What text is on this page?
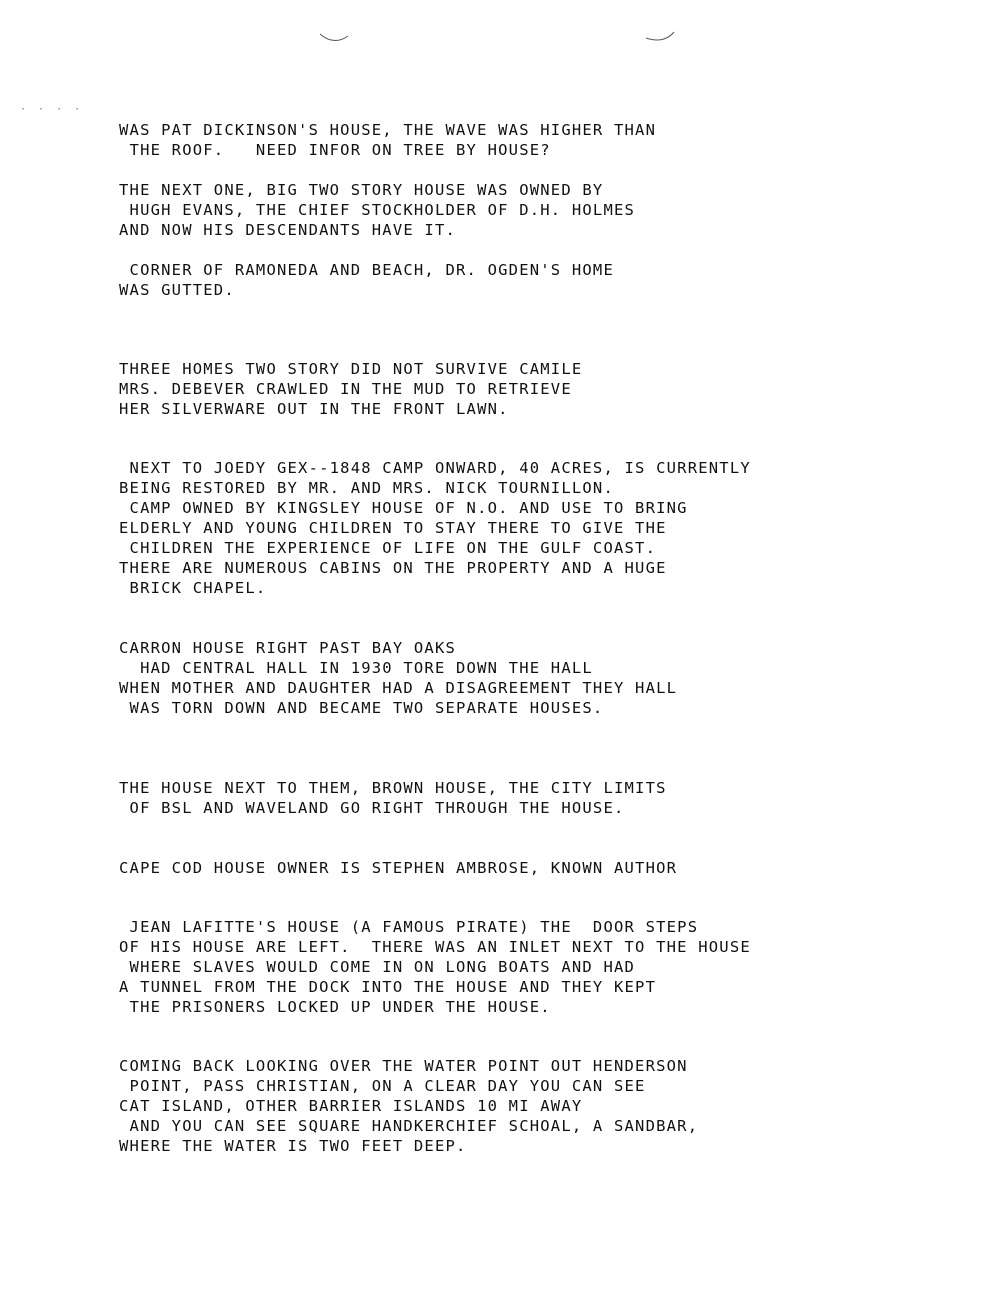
· · · ·
WAS PAT DICKINSON'S HOUSE, THE WAVE WAS HIGHER THAN
THE ROOF.   NEED INFOR ON TREE BY HOUSE?
THE NEXT ONE, BIG TWO STORY HOUSE WAS OWNED BY
HUGH EVANS, THE CHIEF STOCKHOLDER OF D.H. HOLMES
AND NOW HIS DESCENDANTS HAVE IT.
CORNER OF RAMONEDA AND BEACH, DR. OGDEN'S HOME
WAS GUTTED.
THREE HOMES TWO STORY DID NOT SURVIVE CAMILE
MRS. DEBEVER CRAWLED IN THE MUD TO RETRIEVE
HER SILVERWARE OUT IN THE FRONT LAWN.
NEXT TO JOEDY GEX--1848 CAMP ONWARD, 40 ACRES, IS CURRENTLY
BEING RESTORED BY MR. AND MRS. NICK TOURNILLON.
CAMP OWNED BY KINGSLEY HOUSE OF N.O. AND USE TO BRING
ELDERLY AND YOUNG CHILDREN TO STAY THERE TO GIVE THE
CHILDREN THE EXPERIENCE OF LIFE ON THE GULF COAST.
THERE ARE NUMEROUS CABINS ON THE PROPERTY AND A HUGE
BRICK CHAPEL.
CARRON HOUSE RIGHT PAST BAY OAKS
HAD CENTRAL HALL IN 1930 TORE DOWN THE HALL
WHEN MOTHER AND DAUGHTER HAD A DISAGREEMENT THEY HALL
WAS TORN DOWN AND BECAME TWO SEPARATE HOUSES.
THE HOUSE NEXT TO THEM, BROWN HOUSE, THE CITY LIMITS
OF BSL AND WAVELAND GO RIGHT THROUGH THE HOUSE.
CAPE COD HOUSE OWNER IS STEPHEN AMBROSE, KNOWN AUTHOR
JEAN LAFITTE'S HOUSE (A FAMOUS PIRATE) THE  DOOR STEPS
OF HIS HOUSE ARE LEFT.  THERE WAS AN INLET NEXT TO THE HOUSE
WHERE SLAVES WOULD COME IN ON LONG BOATS AND HAD
A TUNNEL FROM THE DOCK INTO THE HOUSE AND THEY KEPT
THE PRISONERS LOCKED UP UNDER THE HOUSE.
COMING BACK LOOKING OVER THE WATER POINT OUT HENDERSON
POINT, PASS CHRISTIAN, ON A CLEAR DAY YOU CAN SEE
CAT ISLAND, OTHER BARRIER ISLANDS 10 MI AWAY
AND YOU CAN SEE SQUARE HANDKERCHIEF SCHOAL, A SANDBAR,
WHERE THE WATER IS TWO FEET DEEP.
